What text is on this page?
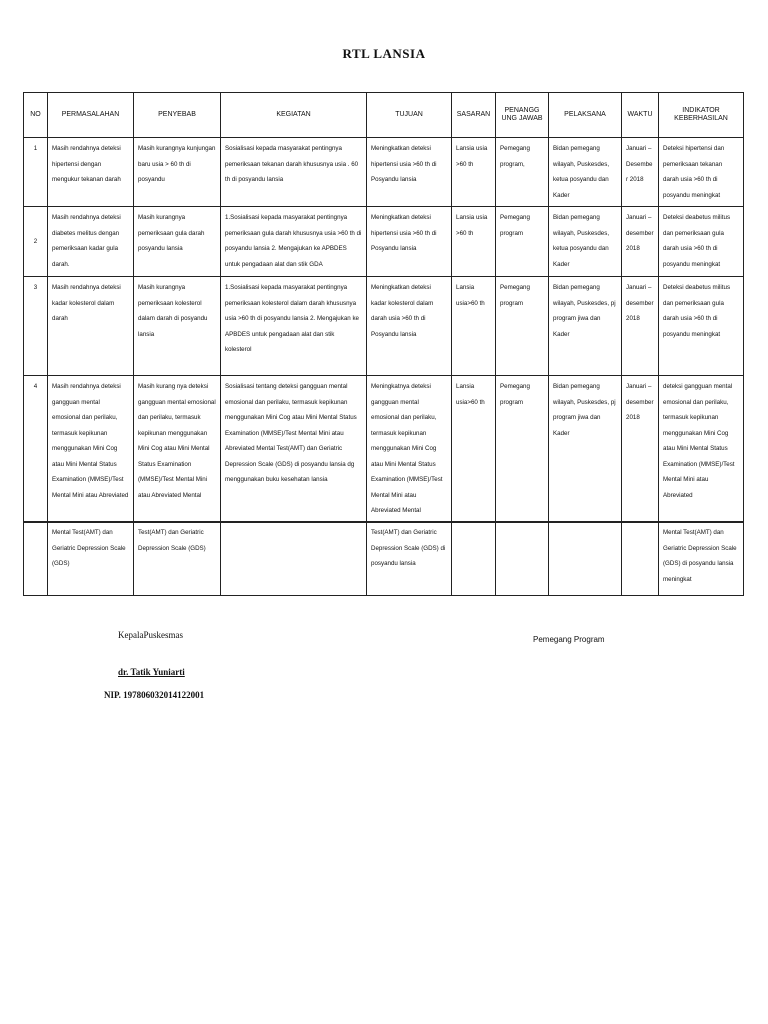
RTL LANSIA
NO	PERMASALAHAN	PENYEBAB	KEGIATAN	TUJUAN	SASARAN	PENANGG UNG JAWAB	PELAKSANA	WAKTU	INDIKATOR KEBERHASILAN
1	Masih rendahnya deteksi hipertensi dengan mengukur tekanan darah	Masih kurangnya kunjungan baru usia > 60 th di posyandu	Sosialisasi kepada masyarakat pentingnya pemeriksaan tekanan darah khususnya usia . 60 th di posyandu lansia	Meningkatkan deteksi hipertensi usia >60 th di Posyandu lansia	Lansia usia >60 th	Pemegang program,	Bidan pemegang wilayah, Puskesdes, ketua posyandu dan Kader	Januari – Desember 2018	Deteksi hipertensi dan pemeriksaan tekanan darah usia >60 th di posyandu meningkat
2	Masih rendahnya deteksi diabetes melitus dengan pemeriksaan kadar gula darah.	Masih kurangnya pemeriksaan gula darah posyandu lansia	1.Sosialisasi kepada masyarakat pentingnya pemeriksaan gula darah khususnya usia >60 th di posyandu lansia 2. Mengajukan ke APBDES untuk pengadaan alat dan stik GDA	Meningkatkan deteksi hipertensi usia >60 th di Posyandu lansia	Lansia usia >60 th	Pemegang program	Bidan pemegang wilayah, Puskesdes, ketua posyandu dan Kader	Januari – desember 2018	Deteksi deabetus militus dan pemeriksaan gula darah usia >60 th di posyandu meningkat
3	Masih rendahnya deteksi kadar kolesterol dalam darah	Masih kurangnya pemeriksaan kolesterol dalam darah di posyandu lansia	1.Sosialisasi kepada masyarakat pentingnya pemeriksaan kolesterol dalam darah khususnya usia >60 th di posyandu lansia 2. Mengajukan ke APBDES untuk pengadaan alat dan stik kolesterol	Meningkatkan deteksi kadar kolesterol dalam darah usia >60 th di Posyandu lansia	Lansia usia>60 th	Pemegang program	Bidan pemegang wilayah, Puskesdes, pj program jiwa dan Kader	Januari – desember 2018	Deteksi deabetus militus dan pemeriksaan gula darah usia >60 th di posyandu meningkat
4	Masih rendahnya deteksi gangguan mental emosional dan perilaku, termasuk kepikunan menggunakan Mini Cog atau Mini Mental Status Examination (MMSE)/Test Mental Mini atau Abreviated	Masih kurang nya deteksi gangguan mental emosional dan perilaku, termasuk kepikunan menggunakan Mini Cog atau Mini Mental Status Examination (MMSE)/Test Mental Mini atau Abreviated Mental	Sosialisasi tentang deteksi gangguan mental emosional dan perilaku, termasuk kepikunan menggunakan Mini Cog atau Mini Mental Status Examination (MMSE)/Test Mental Mini atau Abreviated Mental Test(AMT) dan Geriatric Depression Scale (GDS) di posyandu lansia dg menggunakan buku kesehatan lansia	Meningkatnya deteksi gangguan mental emosional dan perilaku, termasuk kepikunan menggunakan Mini Cog atau Mini Mental Status Examination (MMSE)/Test Mental Mini atau Abreviated Mental	Lansia usia>60 th	Pemegang program	Bidan pemegang wilayah, Puskesdes, pj program jiwa dan Kader	Januari – desember 2018	deteksi gangguan mental emosional dan perilaku, termasuk kepikunan menggunakan Mini Cog atau Mini Mental Status Examination (MMSE)/Test Mental Mini atau Abreviated
	Mental Test(AMT) dan Geriatric Depression Scale (GDS)	Test(AMT) dan Geriatric Depression Scale (GDS)		Test(AMT) dan Geriatric Depression Scale (GDS) di posyandu lansia					Mental Test(AMT) dan Geriatric Depression Scale (GDS) di posyandu lansia meningkat
KepalaPuskesmas
dr. Tatik Yuniarti
NIP. 197806032014122001
Pemegang Program
